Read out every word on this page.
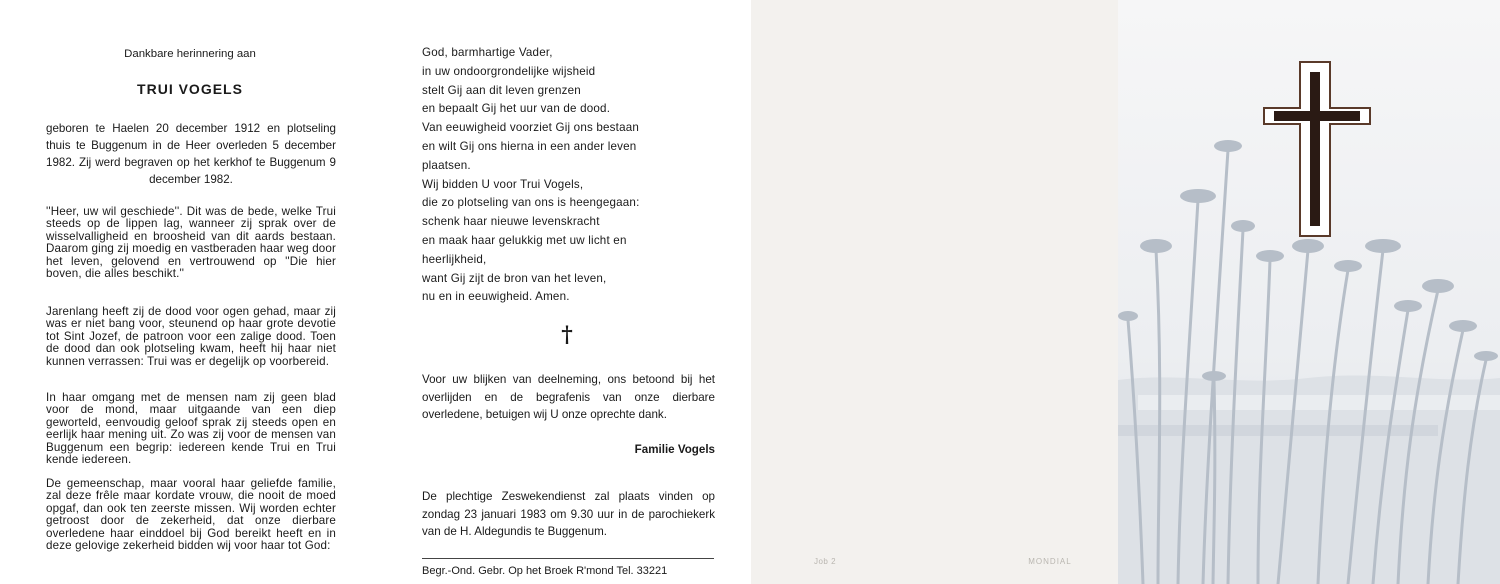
Dankbare herinnering aan
TRUI VOGELS
geboren te Haelen 20 december 1912 en plotseling thuis te Buggenum in de Heer overleden 5 december 1982. Zij werd begraven op het kerkhof te Buggenum 9 december 1982.
''Heer, uw wil geschiede''. Dit was de bede, welke Trui steeds op de lippen lag, wanneer zij sprak over de wisselvalligheid en broosheid van dit aards bestaan. Daarom ging zij moedig en vastberaden haar weg door het leven, gelovend en vertrouwend op ''Die hier boven, die alles beschikt.''
Jarenlang heeft zij de dood voor ogen gehad, maar zij was er niet bang voor, steunend op haar grote devotie tot Sint Jozef, de patroon voor een zalige dood. Toen de dood dan ook plotseling kwam, heeft hij haar niet kunnen verrassen: Trui was er degelijk op voorbereid.
In haar omgang met de mensen nam zij geen blad voor de mond, maar uitgaande van een diep geworteld, eenvoudig geloof sprak zij steeds open en eerlijk haar mening uit. Zo was zij voor de mensen van Buggenum een begrip: iedereen kende Trui en Trui kende iedereen.
De gemeenschap, maar vooral haar geliefde familie, zal deze frêle maar kordate vrouw, die nooit de moed opgaf, dan ook ten zeerste missen. Wij worden echter getroost door de zekerheid, dat onze dierbare overledene haar einddoel bij God bereikt heeft en in deze gelovige zekerheid bidden wij voor haar tot God:
God, barmhartige Vader,
in uw ondoorgrondelijke wijsheid
stelt Gij aan dit leven grenzen
en bepaalt Gij het uur van de dood.
Van eeuwigheid voorziet Gij ons bestaan
en wilt Gij ons hierna in een ander leven
plaatsen.
Wij bidden U voor Trui Vogels,
die zo plotseling van ons is heengegaan:
schenk haar nieuwe levenskracht
en maak haar gelukkig met uw licht en
heerlijkheid,
want Gij zijt de bron van het leven,
nu en in eeuwigheid. Amen.
†
Voor uw blijken van deelneming, ons betoond bij het overlijden en de begrafenis van onze dierbare overledene, betuigen wij U onze oprechte dank.
Familie Vogels
De plechtige Zeswekendienst zal plaats vinden op zondag 23 januari 1983 om 9.30 uur in de parochiekerk van de H. Aldegundis te Buggenum.
Begr.-Ond. Gebr. Op het Broek R'mond Tel. 33221
Job 2	MONDIAL
